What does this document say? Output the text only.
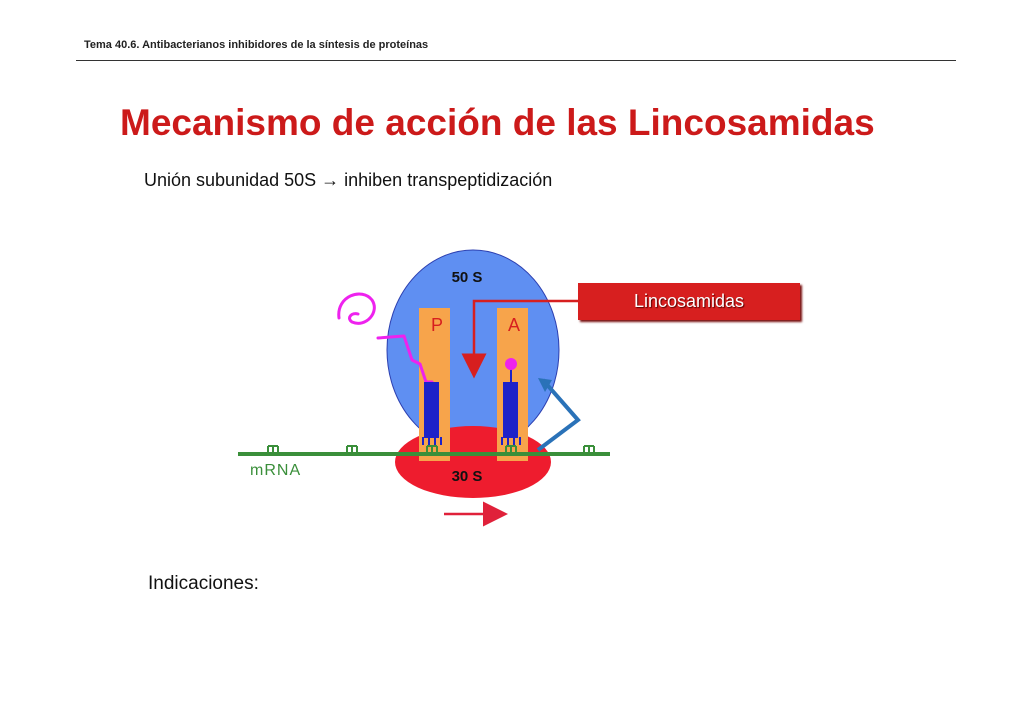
Tema 40.6. Antibacterianos inhibidores de la síntesis de proteínas
Mecanismo de acción de las Lincosamidas
Unión subunidad 50S → inhiben transpeptidización
50 S
30 S
P	A
mRNA
Lincosamidas
Indicaciones:
